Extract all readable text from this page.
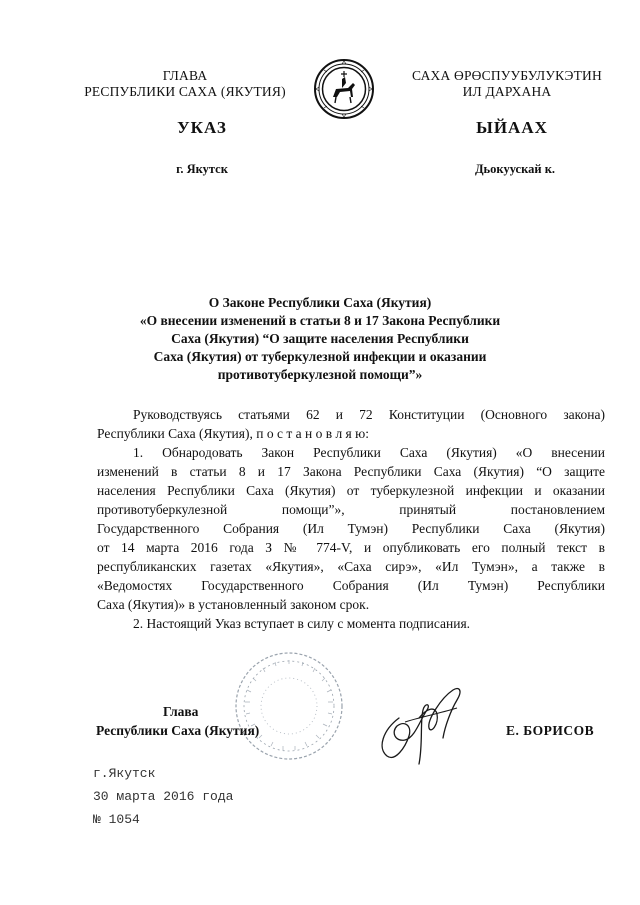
ГЛАВА
РЕСПУБЛИКИ САХА (ЯКУТИЯ)
САХА ӨРӨСПУУБУЛУКЭТИН
ИЛ ДАРХАНА
УКАЗ	ЫЙААХ
г. Якутск	Дьокуускай к.
О Законе Республики Саха (Якутия)
«О внесении изменений в статьи 8 и 17 Закона Республики
Саха (Якутия) “О защите населения Республики
Саха (Якутия) от туберкулезной инфекции и оказании
противотуберкулезной помощи”»
Руководствуясь статьями 62 и 72 Конституции (Основного закона)
Республики Саха (Якутия), п о с т а н о в л я ю:
1. Обнародовать Закон Республики Саха (Якутия) «О внесении
изменений в статьи 8 и 17 Закона Республики Саха (Якутия) “О защите
населения Республики Саха (Якутия) от туберкулезной инфекции и оказании
противотуберкулезной помощи”», принятый постановлением
Государственного Собрания (Ил Тумэн) Республики Саха (Якутия)
от 14 марта 2016 года З № 774-V, и опубликовать его полный текст в
республиканских газетах «Якутия», «Саха сирэ», «Ил Тумэн», а также в
«Ведомостях Государственного Собрания (Ил Тумэн) Республики
Саха (Якутия)» в установленный законом срок.
2. Настоящий Указ вступает в силу с момента подписания.
Глава
Республики Саха (Якутия)	Е. БОРИСОВ
г.Якутск
30 марта 2016 года
№ 1054
